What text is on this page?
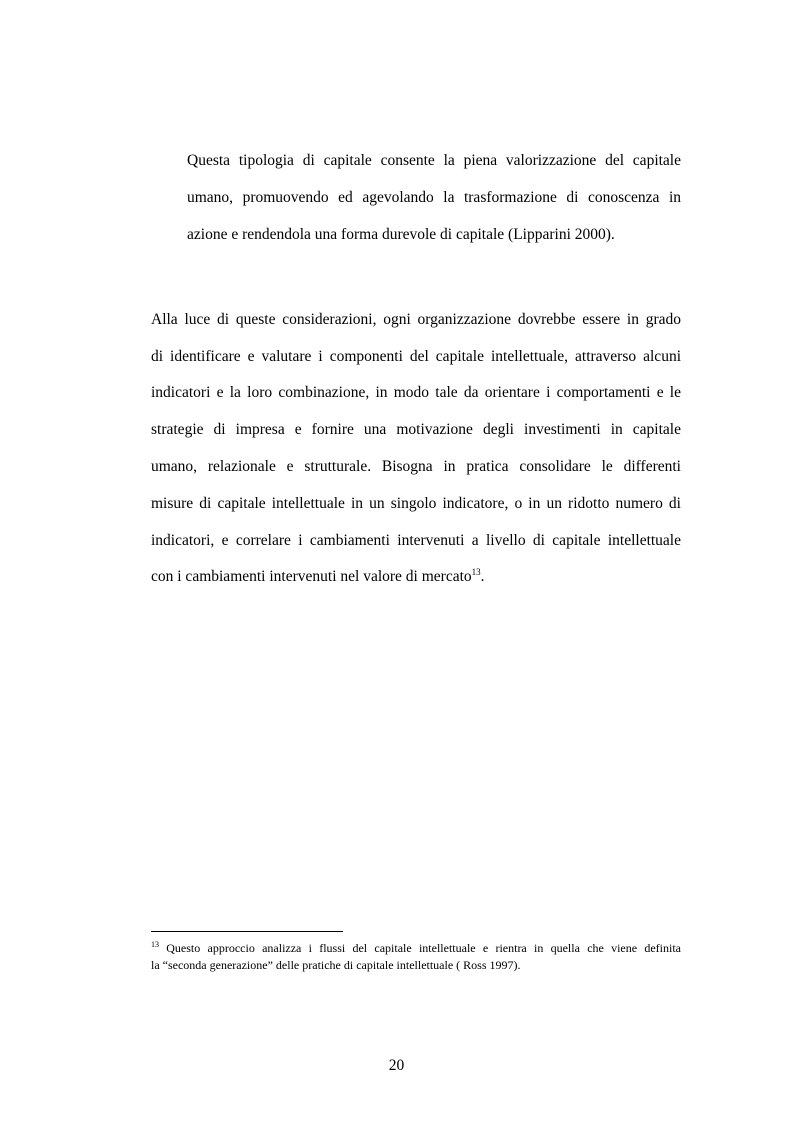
Questa tipologia di capitale consente la piena valorizzazione del capitale
umano, promuovendo ed agevolando la trasformazione di conoscenza in
azione e rendendola una forma durevole di capitale (Lipparini 2000).
Alla luce di queste considerazioni, ogni organizzazione dovrebbe essere in grado
di identificare e valutare i componenti del capitale intellettuale, attraverso alcuni
indicatori e la loro combinazione, in modo tale da orientare i comportamenti e le
strategie di impresa e fornire una motivazione degli investimenti in capitale
umano, relazionale e strutturale. Bisogna in pratica consolidare le differenti
misure di capitale intellettuale in un singolo indicatore, o in un ridotto numero di
indicatori, e correlare i cambiamenti intervenuti a livello di capitale intellettuale
con i cambiamenti intervenuti nel valore di mercato$^{13}$.
$^{13}$ Questo approccio analizza i flussi del capitale intellettuale e rientra in quella che viene definita
la “seconda generazione” delle pratiche di capitale intellettuale ( Ross 1997).
20
